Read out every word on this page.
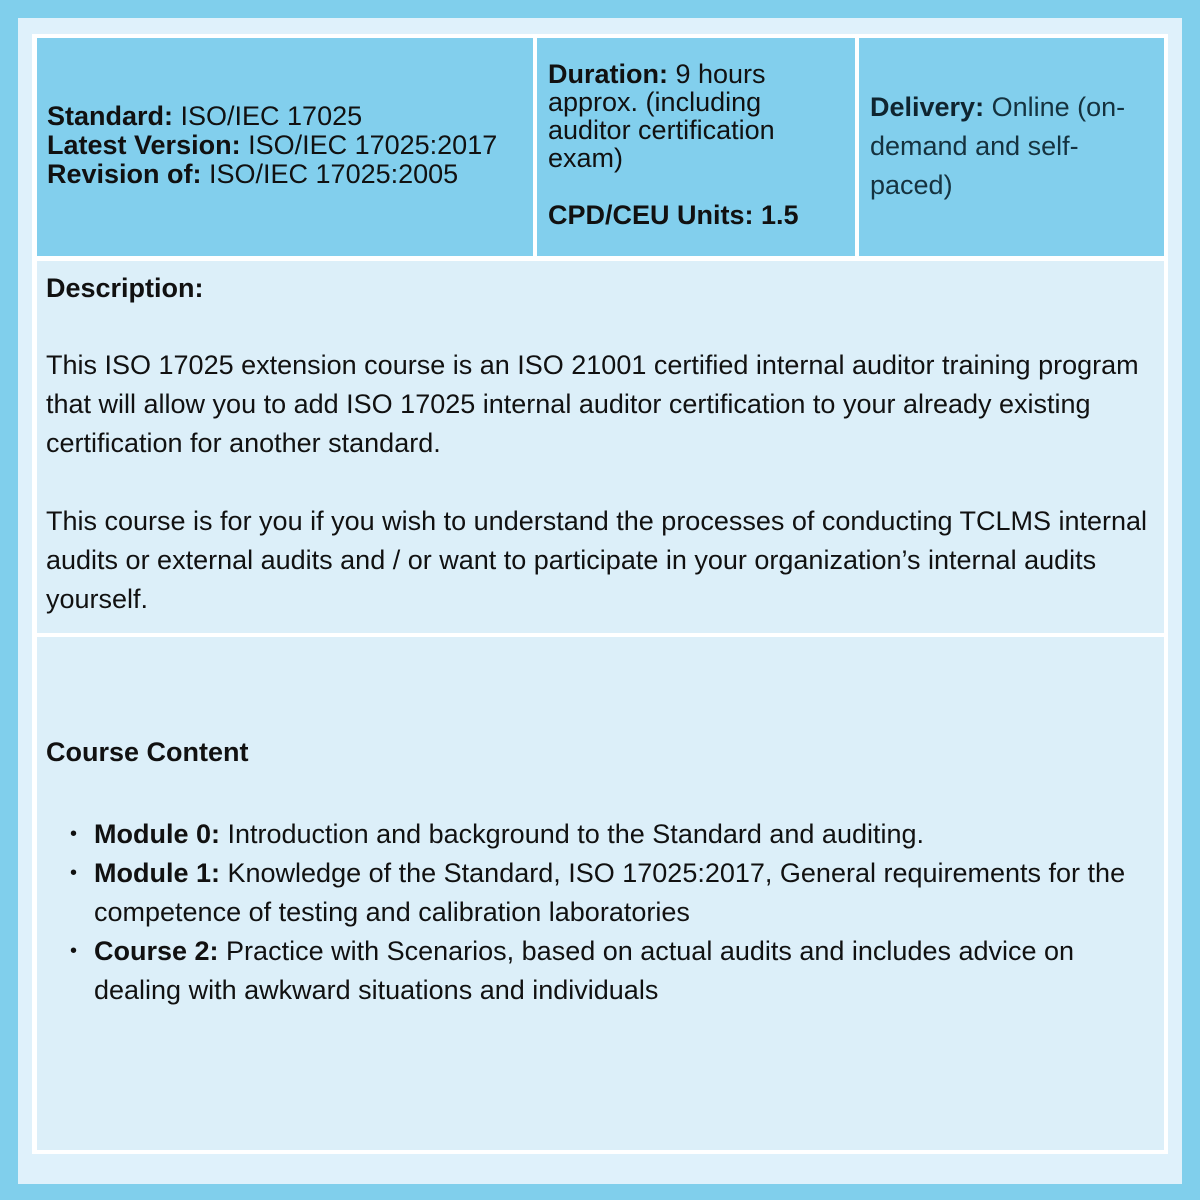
Standard: ISO/IEC 17025
Latest Version: ISO/IEC 17025:2017
Revision of: ISO/IEC 17025:2005
Duration: 9 hours approx. (including auditor certification exam)
CPD/CEU Units: 1.5
Delivery: Online (on-demand and self-paced)
Description:
This ISO 17025 extension course is an ISO 21001 certified internal auditor training program that will allow you to add ISO 17025 internal auditor certification to your already existing certification for another standard.
This course is for you if you wish to understand the processes of conducting TCLMS internal audits or external audits and / or want to participate in your organization’s internal audits yourself.
Course Content
• Module 0: Introduction and background to the Standard and auditing.
• Module 1: Knowledge of the Standard, ISO 17025:2017, General requirements for the competence of testing and calibration laboratories
• Course 2: Practice with Scenarios, based on actual audits and includes advice on dealing with awkward situations and individuals
